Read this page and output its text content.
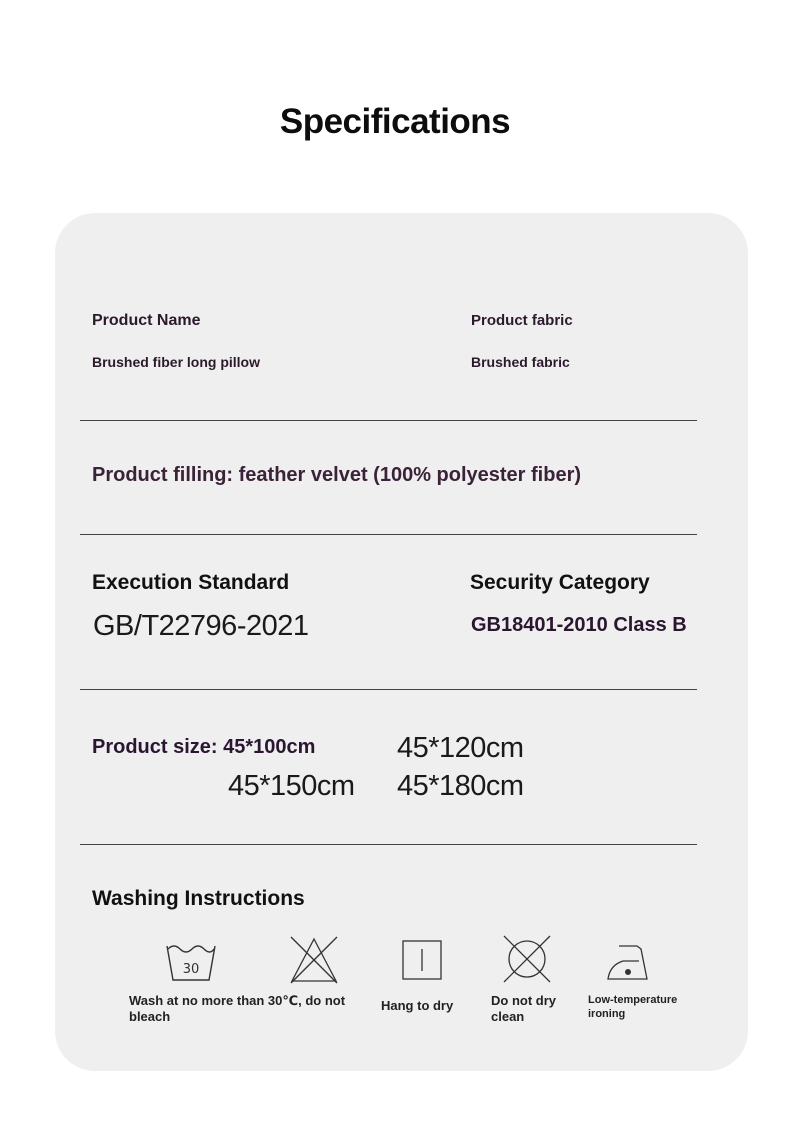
Specifications
Product Name
Brushed fiber long pillow
Product fabric
Brushed fabric
Product filling: feather velvet (100% polyester fiber)
Execution Standard
GB/T22796-2021
Security Category
GB18401-2010 Class B
Product size: 45*100cm	45*120cm
45*150cm 45*180cm
Washing Instructions
30
Wash at no more than 30℃, do not bleach
Hang to dry	Do not dry clean
Low-temperature ironing
